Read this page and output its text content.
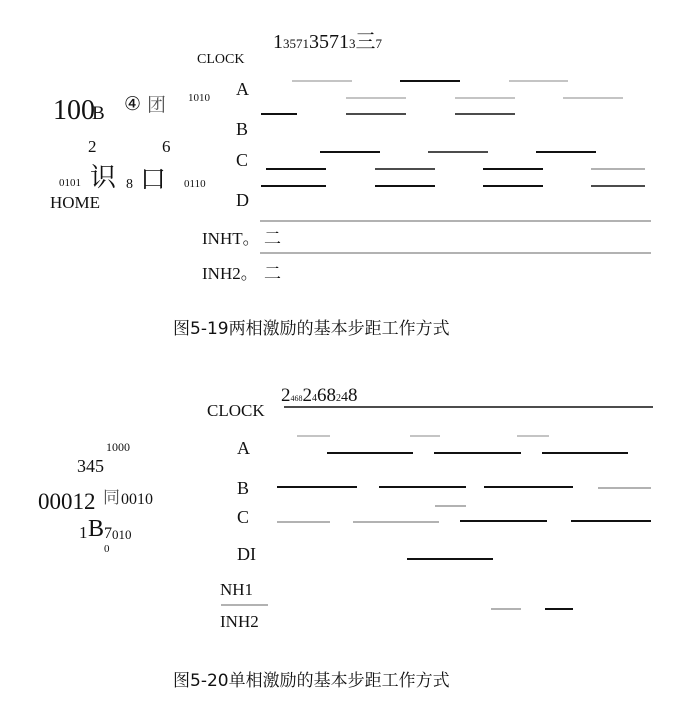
1357135713三7
CLOCK
A
1010
B
C
0110
D
INHT。 二
INH2。 二
100
B ④ 团
2	6
0101 识 8 口
HOME
图5-19两相激励的基本步距工作方式
24682468248
CLOCK
A
B
C
DI
NH1
INH2
1000
345
00012 同 0010
1 B 7 010
0
图5-20单相激励的基本步距工作方式
